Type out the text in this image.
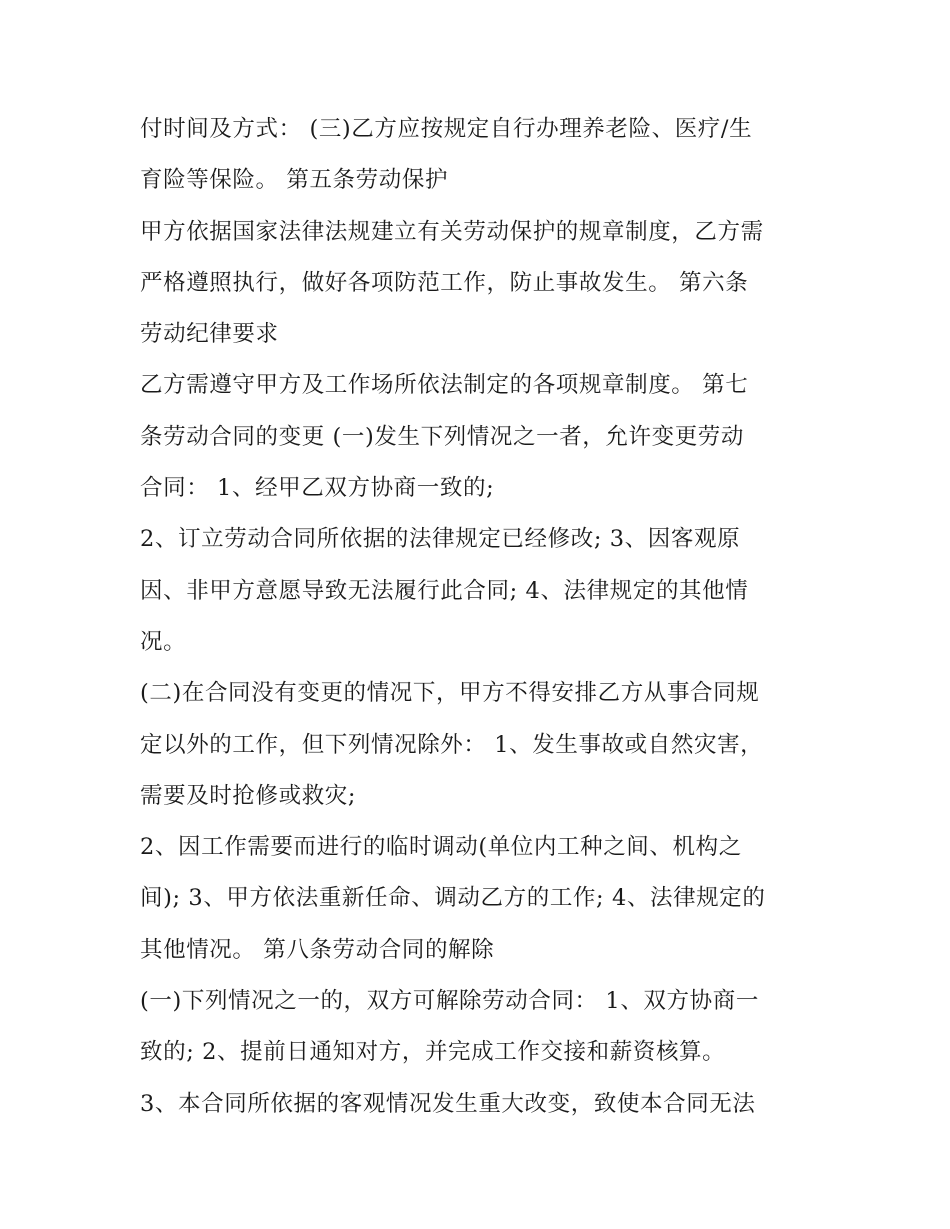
付时间及方式： (三)乙方应按规定自行办理养老险、医疗/生
育险等保险。 第五条劳动保护
甲方依据国家法律法规建立有关劳动保护的规章制度，乙方需
严格遵照执行，做好各项防范工作，防止事故发生。 第六条
劳动纪律要求
乙方需遵守甲方及工作场所依法制定的各项规章制度。 第七
条劳动合同的变更 (一)发生下列情况之一者，允许变更劳动
合同： 1、经甲乙双方协商一致的;
2、订立劳动合同所依据的法律规定已经修改; 3、因客观原
因、非甲方意愿导致无法履行此合同; 4、法律规定的其他情
况。
(二)在合同没有变更的情况下，甲方不得安排乙方从事合同规
定以外的工作，但下列情况除外： 1、发生事故或自然灾害，
需要及时抢修或救灾;
2、因工作需要而进行的临时调动(单位内工种之间、机构之
间); 3、甲方依法重新任命、调动乙方的工作; 4、法律规定的
其他情况。 第八条劳动合同的解除
(一)下列情况之一的，双方可解除劳动合同： 1、双方协商一
致的; 2、提前日通知对方，并完成工作交接和薪资核算。
3、本合同所依据的客观情况发生重大改变，致使本合同无法
